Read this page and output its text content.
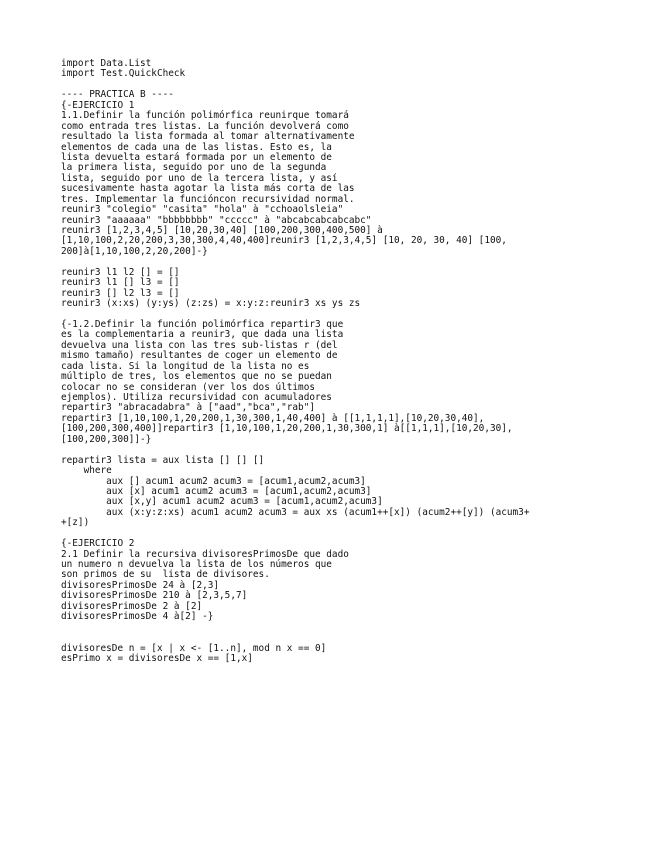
import Data.List
import Test.QuickCheck
---- PRACTICA B ----
{-EJERCICIO 1
1.1.Definir la función polimórfica reunirque tomará
como entrada tres listas. La función devolverá como
resultado la lista formada al tomar alternativamente
elementos de cada una de las listas. Esto es, la
lista devuelta estará formada por un elemento de
la primera lista, seguido por uno de la segunda
lista, seguido por uno de la tercera lista, y así
sucesivamente hasta agotar la lista más corta de las
tres. Implementar la funcióncon recursividad normal.
reunir3 "colegio" "casita" "hola" à "cchoaolsleia"
reunir3 "aaaaaa" "bbbbbbbb" "ccccc" à "abcabcabcabcabc"
reunir3 [1,2,3,4,5] [10,20,30,40] [100,200,300,400,500] à
[1,10,100,2,20,200,3,30,300,4,40,400]reunir3 [1,2,3,4,5] [10, 20, 30, 40] [100,
200]à[1,10,100,2,20,200]-}
reunir3 l1 l2 [] = []
reunir3 l1 [] l3 = []
reunir3 [] l2 l3 = []
reunir3 (x:xs) (y:ys) (z:zs) = x:y:z:reunir3 xs ys zs
{-1.2.Definir la función polimórfica repartir3 que
es la complementaria a reunir3, que dada una lista
devuelva una lista con las tres sub-listas r (del
mismo tamaño) resultantes de coger un elemento de
cada lista. Si la longitud de la lista no es
múltiplo de tres, los elementos que no se puedan
colocar no se consideran (ver los dos últimos
ejemplos). Utiliza recursividad con acumuladores
repartir3 "abracadabra" à ["aad","bca","rab"]
repartir3 [1,10,100,1,20,200,1,30,300,1,40,400] à [[1,1,1,1],[10,20,30,40],
[100,200,300,400]]repartir3 [1,10,100,1,20,200,1,30,300,1] à[[1,1,1],[10,20,30],
[100,200,300]]-}
repartir3 lista = aux lista [] [] []
where
aux [] acum1 acum2 acum3 = [acum1,acum2,acum3]
aux [x] acum1 acum2 acum3 = [acum1,acum2,acum3]
aux [x,y] acum1 acum2 acum3 = [acum1,acum2,acum3]
aux (x:y:z:xs) acum1 acum2 acum3 = aux xs (acum1++[x]) (acum2++[y]) (acum3+
+[z])
{-EJERCICIO 2
2.1 Definir la recursiva divisoresPrimosDe que dado
un numero n devuelva la lista de los números que
son primos de su  lista de divisores.
divisoresPrimosDe 24 à [2,3]
divisoresPrimosDe 210 à [2,3,5,7]
divisoresPrimosDe 2 à [2]
divisoresPrimosDe 4 à[2] -}
divisoresDe n = [x | x <- [1..n], mod n x == 0]
esPrimo x = divisoresDe x == [1,x]
